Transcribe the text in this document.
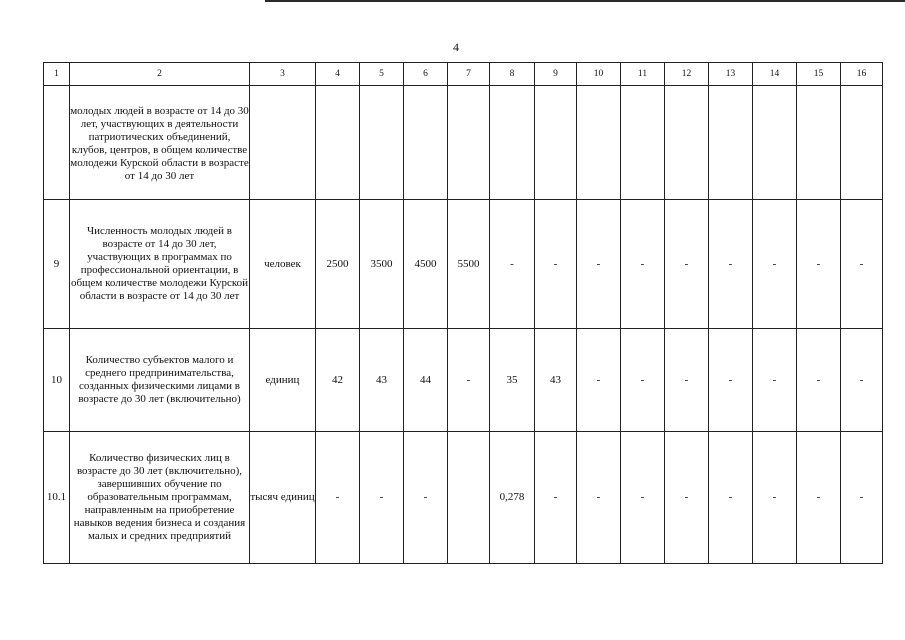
4
1	2	3	4	5	6	7	8	9	10	11	12	13	14	15	16

	молодых людей в возрасте от 14 до 30 лет, участвующих в деятельности патриотических объединений, клубов, центров, в общем количестве молодежи Курской области в возрасте от 14 до 30 лет														

9	Численность молодых людей в возрасте от 14 до 30 лет, участвующих в программах по профессиональной ориентации, в общем количестве молодежи Курской области в возрасте от 14 до 30 лет	человек	2500	3500	4500	5500	-	-	-	-	-	-	-	-	-
10	Количество субъектов малого и среднего предпринимательства, созданных физическими лицами в возрасте до 30 лет (включительно)	единиц	42	43	44	-	35	43	-	-	-	-	-	-	-
10.1	Количество физических лиц в возрасте до 30 лет (включительно), завершивших обучение по образовательным программам, направленным на приобретение навыков ведения бизнеса и создания малых и средних предприятий	тысяч единиц	-	-	-		0,278	-	-	-	-	-	-	-	-
